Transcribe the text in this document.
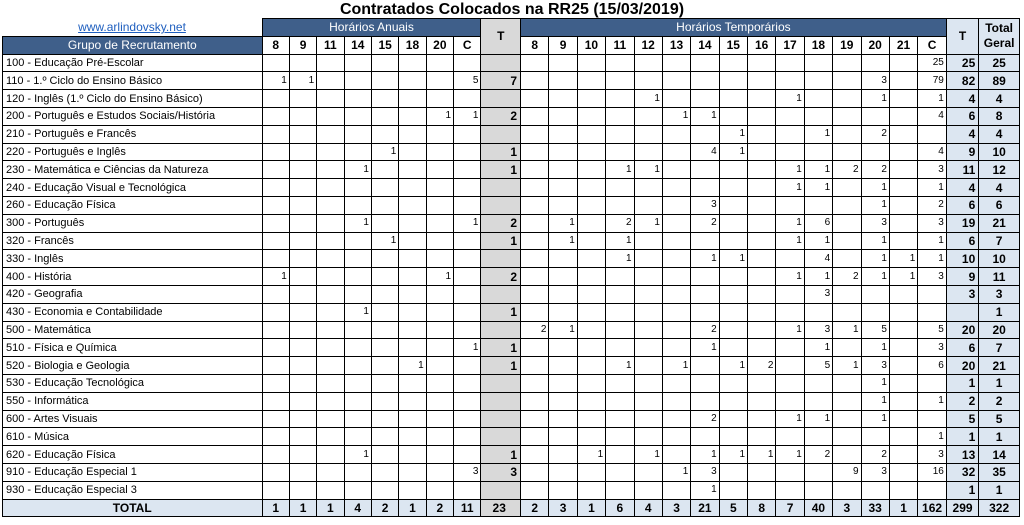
Contratados Colocados na RR25 (15/03/2019)
www.arlindovsky.net	Horários Anuais								T	Horários Temporários															T	Total
Geral

Grupo de Recrutamento	8	9	11	14	15	18	20	C		8	9	10	11	12	13	14	15	16	17	18	19	20	21	C		
100 - Educação Pré-Escolar																								25	25	25
110 - 1.º Ciclo do Ensino Básico	1	1						5	7													3		79	82	89
120 - Inglês (1.º Ciclo do Ensino Básico)														1					1			1		1	4	4
200 - Português e Estudos Sociais/História							1	1	2						1	1								4	6	8
210 - Português e Francês																	1			1		2			4	4
220 - Português e Inglês					1				1							4	1							4	9	10
230 - Matemática e Ciências da Natureza				1					1				1	1					1	1	2	2		3	11	12
240 - Educação Visual e Tecnológica																			1	1		1		1	4	4
260 - Educação Física																3						1		2	6	6
300 - Português				1				1	2		1		2	1		2			1	6		3		3	19	21
320 - Francês					1				1		1		1						1	1		1		1	6	7
330 - Inglês													1			1	1			4		1	1	1	10	10
400 - História	1						1		2										1	1	2	1	1	3	9	11
420 - Geografia																				3					3	3
430 - Economia e Contabilidade				1					1																	1
500 - Matemática										2	1					2			1	3	1	5		5	20	20
510 - Física e Química								1	1							1				1		1		3	6	7
520 - Biologia e Geologia						1			1				1		1		1	2		5	1	3		6	20	21
530 - Educação Tecnológica																						1			1	1
550 - Informática																						1		1	2	2
600 - Artes Visuais																2			1	1		1			5	5
610 - Música																								1	1	1
620 - Educação Física				1					1			1		1		1	1	1	1	2		2		3	13	14
910 - Educação Especial 1								3	3						1	3					9	3		16	32	35
930 - Educação Especial 3																1									1	1
TOTAL	1	1	1	4	2	1	2	11	23	2	3	1	6	4	3	21	5	8	7	40	3	33	1	162	299	322
